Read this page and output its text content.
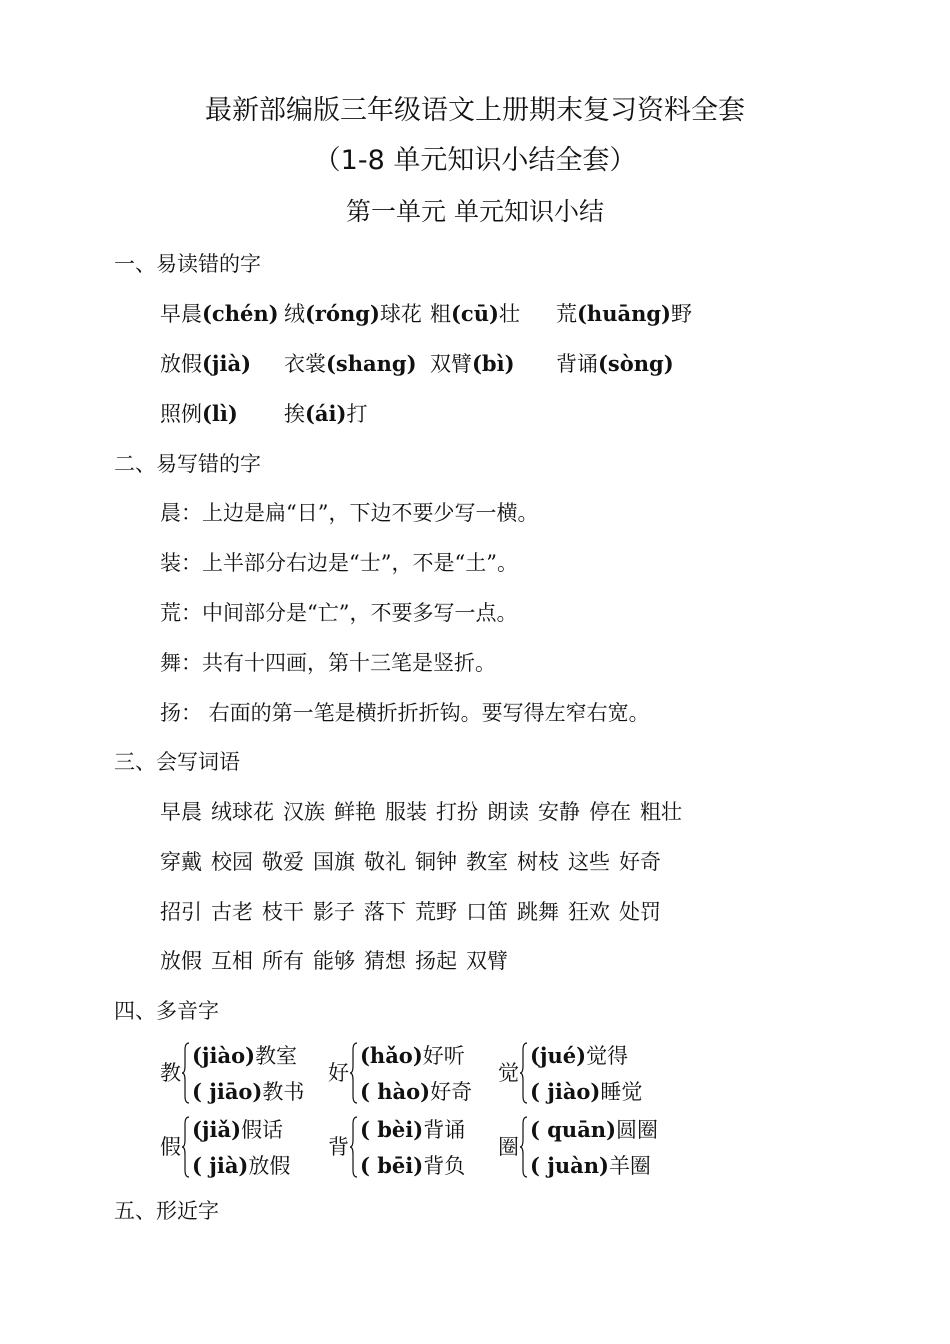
最新部编版三年级语文上册期末复习资料全套
（1-8 单元知识小结全套）
第一单元 单元知识小结
一、易读错的字
早晨(chén) 绒(róng)球花 粗(cū)壮 荒(huāng)野
放假(jià) 衣裳(shang) 双臂(bì) 背诵(sòng)
照例(lì) 挨(ái)打
二、易写错的字
晨：上边是扁“日”，下边不要少写一横。
装：上半部分右边是“士”，不是“土”。
荒：中间部分是“亡”，不要多写一点。
舞：共有十四画，第十三笔是竖折。
扬： 右面的第一笔是横折折折钩。要写得左窄右宽。
三、会写词语
早晨 绒球花 汉族 鲜艳 服装 打扮 朗读 安静 停在 粗壮
穿戴 校园 敬爱 国旗 敬礼 铜钟 教室 树枝 这些 好奇
招引 古老 枝干 影子 落下 荒野 口笛 跳舞 狂欢 处罚
放假 互相 所有 能够 猜想 扬起 双臂
四、多音字
教
(jiào)教室
( jiāo)教书
好
(hǎo)好听
( hào)好奇
觉
(jué)觉得
( jiào)睡觉
假
(jiǎ)假话
( jià)放假
背
( bèi)背诵
( bēi)背负
圈
( quān)圆圈
( juàn)羊圈
五、形近字
